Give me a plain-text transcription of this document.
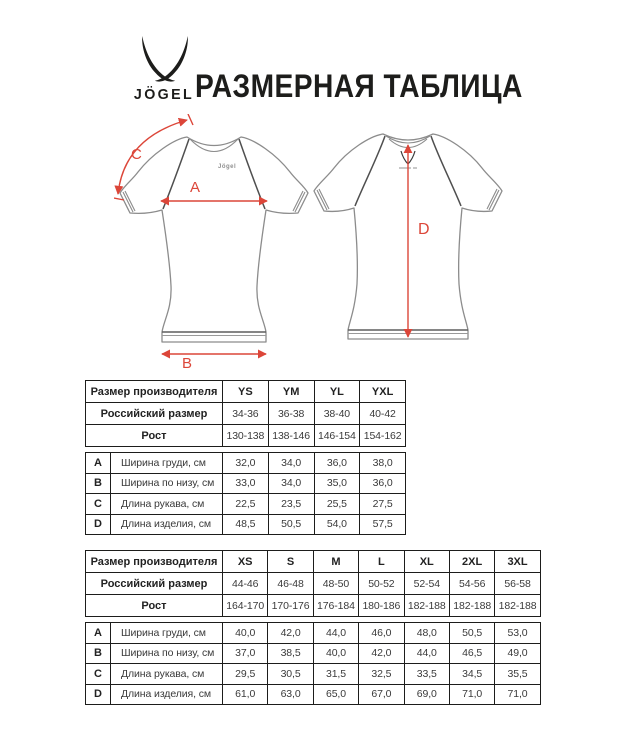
JÖGEL РАЗМЕРНАЯ ТАБЛИЦА
Jögel
A
B
C
D
Размер производителя	YS	YM	YL	YXL
Российский размер	34-36	36-38	38-40	40-42
Рост	130-138	138-146	146-154	154-162
A	Ширина груди, см	32,0	34,0	36,0	38,0
B	Ширина по низу, см	33,0	34,0	35,0	36,0
C	Длина рукава, см	22,5	23,5	25,5	27,5
D	Длина изделия, см	48,5	50,5	54,0	57,5
Размер производителя	XS	S	M	L	XL	2XL	3XL
Российский размер	44-46	46-48	48-50	50-52	52-54	54-56	56-58
Рост	164-170	170-176	176-184	180-186	182-188	182-188	182-188
A	Ширина груди, см	40,0	42,0	44,0	46,0	48,0	50,5	53,0
B	Ширина по низу, см	37,0	38,5	40,0	42,0	44,0	46,5	49,0
C	Длина рукава, см	29,5	30,5	31,5	32,5	33,5	34,5	35,5
D	Длина изделия, см	61,0	63,0	65,0	67,0	69,0	71,0	71,0
